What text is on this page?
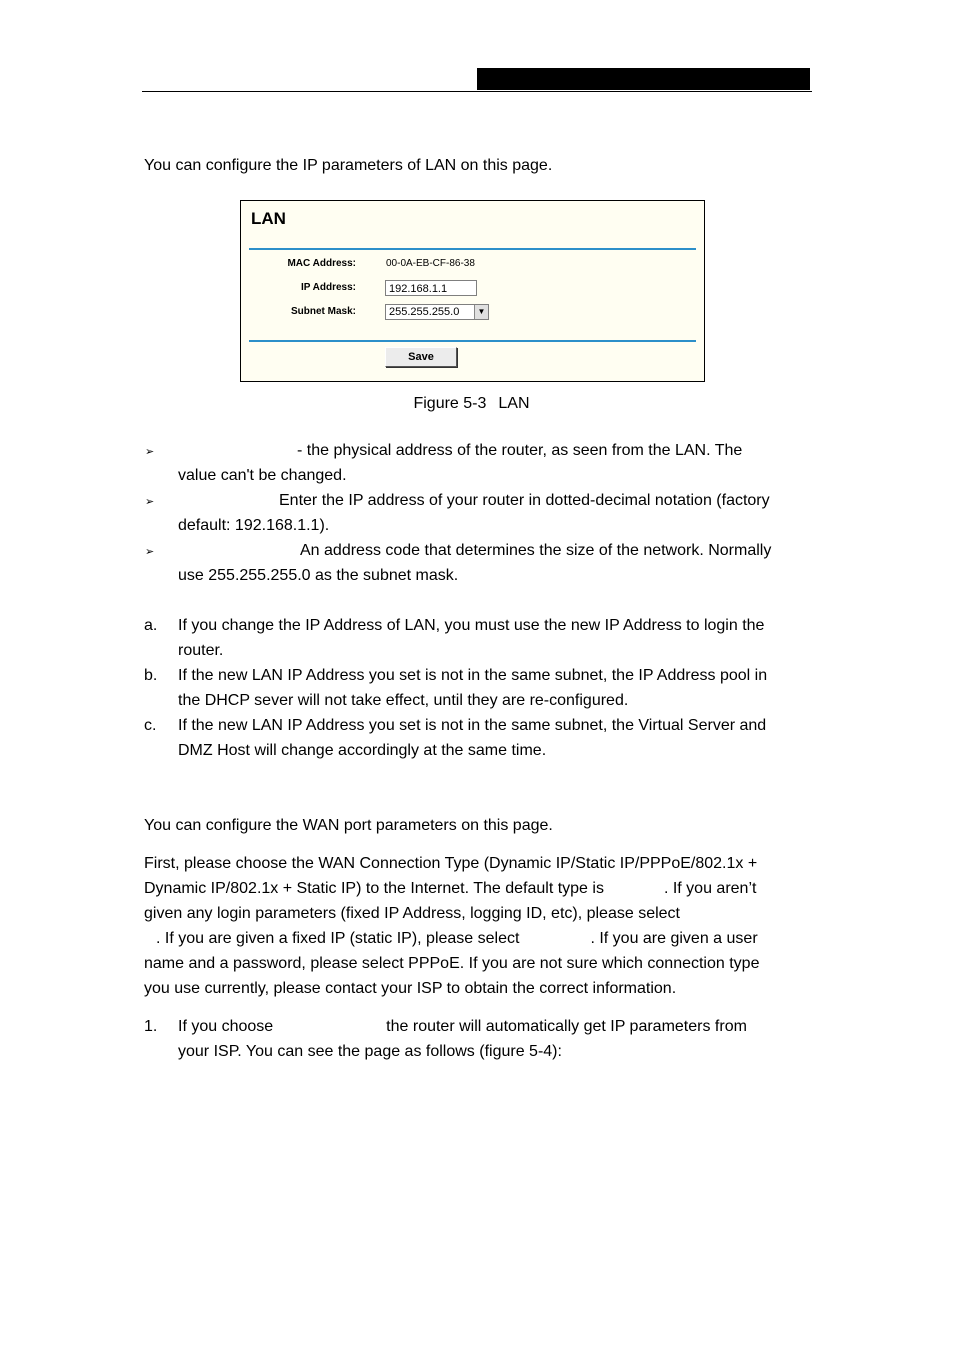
You can configure the IP parameters of LAN on this page.

LAN
MAC Address:	00-0A-EB-CF-86-38
IP Address:	192.168.1.1
Subnet Mask:	255.255.255.0	▼
Save
Figure 5-3 LAN
➢	- the physical address of the router, as seen from the LAN. The

value can't be changed.

➢	Enter the IP address of your router in dotted-decimal notation (factory

default: 192.168.1.1).

➢	An address code that determines the size of the network. Normally

use 255.255.255.0 as the subnet mask.

a. If you change the IP Address of LAN, you must use the new IP Address to login the

router.

b. If the new LAN IP Address you set is not in the same subnet, the IP Address pool in

the DHCP sever will not take effect, until they are re-configured.

c. If the new LAN IP Address you set is not in the same subnet, the Virtual Server and

DMZ Host will change accordingly at the same time.

You can configure the WAN port parameters on this page.

First, please choose the WAN Connection Type (Dynamic IP/Static IP/PPPoE/802.1x +

Dynamic IP/802.1x + Static IP) to the Internet. The default type is	. If you aren’t

given any login parameters (fixed IP Address, logging ID, etc), please select

. If you are given a fixed IP (static IP), please select	. If you are given a user

name and a password, please select PPPoE. If you are not sure which connection type

you use currently, please contact your ISP to obtain the correct information.

1. If you choose	the router will automatically get IP parameters from

your ISP. You can see the page as follows (figure 5-4):
